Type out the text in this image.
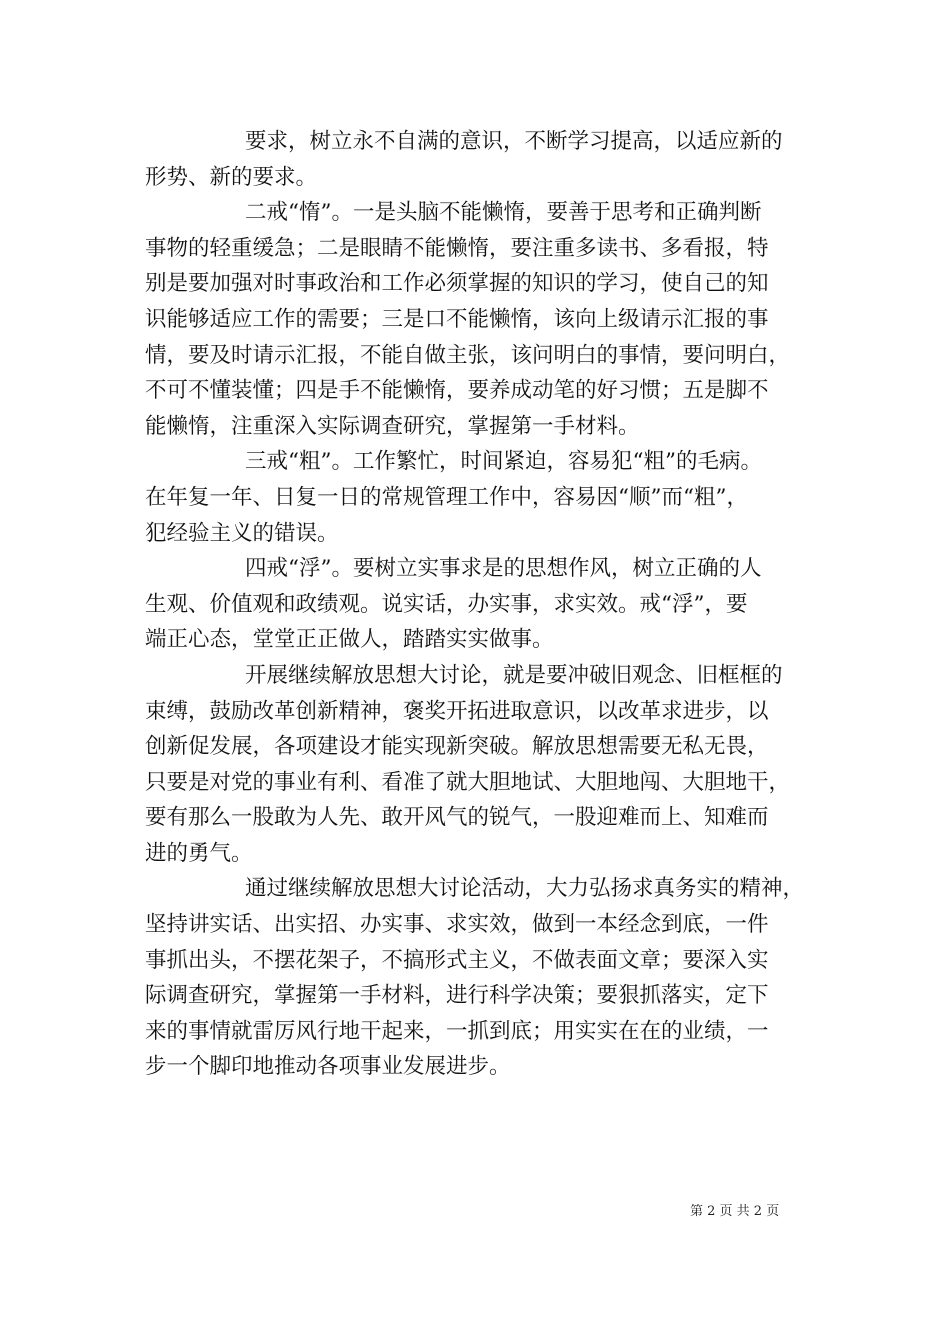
要求，树立永不自满的意识，不断学习提高，以适应新的
形势、新的要求。
二戒“惰”。一是头脑不能懒惰，要善于思考和正确判断
事物的轻重缓急；二是眼睛不能懒惰，要注重多读书、多看报，特
别是要加强对时事政治和工作必须掌握的知识的学习，使自己的知
识能够适应工作的需要；三是口不能懒惰，该向上级请示汇报的事
情，要及时请示汇报，不能自做主张，该问明白的事情，要问明白，
不可不懂装懂；四是手不能懒惰，要养成动笔的好习惯；五是脚不
能懒惰，注重深入实际调查研究，掌握第一手材料。
三戒“粗”。工作繁忙，时间紧迫，容易犯“粗”的毛病。
在年复一年、日复一日的常规管理工作中，容易因“顺”而“粗”，
犯经验主义的错误。
四戒“浮”。要树立实事求是的思想作风，树立正确的人
生观、价值观和政绩观。说实话，办实事，求实效。戒“浮”，要
端正心态，堂堂正正做人，踏踏实实做事。
开展继续解放思想大讨论，就是要冲破旧观念、旧框框的
束缚，鼓励改革创新精神，褒奖开拓进取意识，以改革求进步，以
创新促发展，各项建设才能实现新突破。解放思想需要无私无畏，
只要是对党的事业有利、看准了就大胆地试、大胆地闯、大胆地干，
要有那么一股敢为人先、敢开风气的锐气，一股迎难而上、知难而
进的勇气。
通过继续解放思想大讨论活动，大力弘扬求真务实的精神，
坚持讲实话、出实招、办实事、求实效，做到一本经念到底，一件
事抓出头，不摆花架子，不搞形式主义，不做表面文章；要深入实
际调查研究，掌握第一手材料，进行科学决策；要狠抓落实，定下
来的事情就雷厉风行地干起来，一抓到底；用实实在在的业绩，一
步一个脚印地推动各项事业发展进步。
第 2 页 共 2 页
